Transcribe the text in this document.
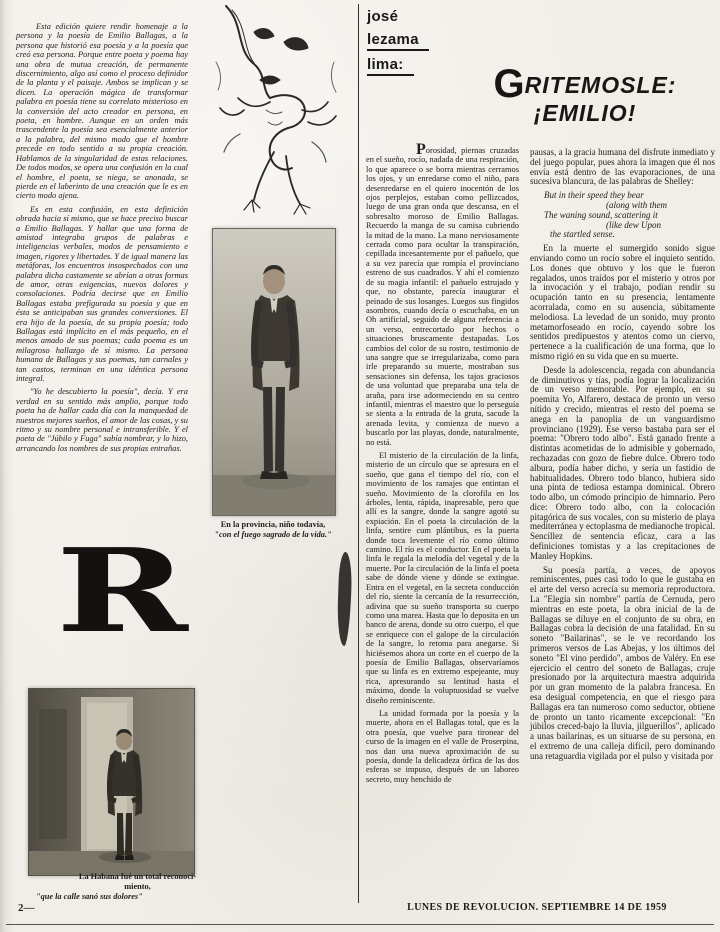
Esta edición quiere rendir homenaje a la persona y la poesía de Emilio Ballagas, a la persona que historió esa poesía y a la poesía que creó esa persona. Porque entre poeta y poema hay una obra de mutua creación, de permanente discernimiento, algo así como el proceso definidor de la planta y el paisaje. Ambos se implican y se dicen. La operación mágica de transformar palabra en poesía tiene su correlato misterioso en la conversión del acto creador en persona, en poeta, en hombre. Aunque en un orden más trascendente la poesía sea esencialmente anterior a la palabra, del mismo modo que el hombre precede en todo sentido a su propia creación. Hablamos de la singularidad de estas relaciones. De todos modos, se opera una confusión en la cual el hombre, el poeta, se niega, se anonada, se pierde en el laberinto de una creación que le es en cierto modo ajena.

Es en esta confusión, en esta definición obrada hacia sí mismo, que se hace preciso buscar a Emilio Ballagas. Y hallar que una forma de amistad integraba grupos de palabras e inteligencias verbales, modos de pensamiento e imagen, rigores y libertades. Y de igual manera las metáforas, los encuentros insospechados con una palabra dicha castamente se abrían a otras formas de amor, otras exigencias, nuevos dolores y consolaciones. Podría decirse que en Emilio Ballagas estaba prefigurada su poesía y que en ésta se anticipaban sus grandes conversiones. El era hijo de la poesía, de su propia poesía; todo Ballagas está implícito en el más pequeño, en el menos amado de sus poemas; cada poema es un milagroso hallazgo de sí mismo. La persona humana de Ballagas y sus poemas, tan carnales y tan castos, terminan en una idéntica persona integral.

"Yo he descubierto la poesía", decía. Y era verdad en su sentido más amplio, porque todo poeta ha de hallar cada día con la manquedad de nuestros mejores sueños, el amor de las cosas, y su ritmo y su nombre personal e intransferible. Y el poeta de "Júbilo y Fuga" sabía nombrar, y lo hizo, arrancando los nombres de sus propias entrañas.

R	En la provincia, niño todavía,
"con el fuego sagrado de la vida."
josé
lezama
lima:	GRITEMOSLE:
¡EMILIO!

Porosidad, piernas cruzadas en el sueño, rocío, nadada de una respiración, lo que aparece o se borra mientras cerramos los ojos, y un enredarse como el niño, para desenredarse en el quiero inocentón de los ojos perplejos, estaban como pellizcados, luego de una gran onda que descansa, en el sobresalto moroso de Emilio Ballagas. Recuerdo la manga de su camisa cubriendo la mitad de la mano. La mano nerviosamente cerrada como para ocultar la transpiración, cepillada incesantemente por el pañuelo, que a su vez parecía que rompía el provinciano estreno de sus cuadrados. Y ahí el comienzo de su magia infantil: el pañuelo estrujado y que, no obstante, parecía inaugurar el peinado de sus losanges. Luegos sus fingidos asombros, cuando decía o escuchaba, en un Oh artificial, seguido de alguna referencia a un verso, entrecortado por hechos o situaciones bruscamente destapadas. Los cambios del color de su rostro, testimonio de una sangre que se irregularizaba, como para irle preparando su muerte, mostraban sus sensaciones sin defensa, los tajos graciosos de una voluntad que preparaba una tela de araña, para irse adormeciendo en su centro infantil, mientras el maestro que lo perseguía se sienta a la entrada de la gruta, sacude la arenada levita, y comienza de nuevo a buscarlo por las playas, donde, naturalmente, no está.

El misterio de la circulación de la linfa, misterio de un círculo que se apresura en el sueño, que gana el tiempo del río, con el movimiento de los ramajes que entintan el sueño. Movimiento de la clorofila en los árboles, lenta, rápida, inapresable, pero que allí es la sangre, donde la sangre agotó su expiación. En el poeta la circulación de la linfa, sentire cum plántibus, es la puerta donde toca levemente el río como último camino. El río es el conductor. En el poeta la linfa le regala la melodía del vegetal y de la muerte. Por la circulación de la linfa el poeta sabe de dónde viene y dónde se extingue. Entra en el vegetal, en la secreta conducción del río, siente la cercanía de la resurrección, adivina que su sueño transporta su cuerpo como una marea. Hasta que lo deposita en un banco de arena, donde su otro cuerpo, el que se enriquece con el galope de la circulación de la sangre, lo retoma para anegarse. Si hiciésemos ahora un corte en el cuerpo de la poesía de Emilio Ballagas, observaríamos que su linfa es en extremo espejeante, muy rica, apresurando su lentitud hasta el máximo, donde la voluptuosidad se vuelve diseño reminiscente.

La unidad formada por la poesía y la muerte, ahora en el Ballagas total, que es la otra poesía, que vuelve para tironear del curso de la imagen en el valle de Proserpina, nos dan una nueva aproximación de su poesía, donde la delicadeza órfica de las dos esferas se impuso, después de un laboreo secreto, muy henchido de

pausas, a la gracia humana del disfrute inmediato y del juego popular, pues ahora la imagen que él nos envía está dentro de las evaporaciones, de una sucesiva blancura, de las palabras de Shelley:

But in their speed they bear
(along with them
The waning sound, scattering it
(like dew Upon
the startled sense.

En la muerte el sumergido sonido sigue enviando como un rocío sobre el inquieto sentido. Los dones que obtuvo y los que le fueron regalados, unos traídos por el misterio y otros por la invocación y el trabajo, podían rendir su ocupación tanto en su presencia, lentamente acorralada, como en su ausencia, súbitamente melodiosa. La levedad de un sonido, muy pronto metamorfoseado en rocío, cayendo sobre los sentidos predipuestos y atentos como un ciervo, pertenece a la cualificación de una forma, que lo mismo rigió en su vida que en su muerte.

Desde la adolescencia, regada con abundancia de diminutivos y tías, podía lograr la localización de un verso memorable. Por ejemplo, en su poemita Yo, Alfarero, destaca de pronto un verso nítido y crecido, mientras el resto del poema se anega en la panoplia de un vanguardismo provinciano (1929). Ese verso bastaba para ser el poema: "Obrero todo albo". Está ganado frente a distintas acometidas de lo admisible y gobernado, rechazadas con gozo de fiebre dulce. Obrero todo albura, podía haber dicho, y sería un fastidio de habitualidades. Obrero todo blanco, hubiera sido una pinta de tediosa estampa dominical. Obrero todo albo, un cómodo principio de himnario. Pero dice: Obrero todo albo, con la colocación pitagórica de sus vocales, con su misterio de playa mediterránea y ectoplasma de medianoche tropical. Sencillez de sentencia eficaz, cara a las definiciones tomistas y a las crepitaciones de Manley Hopkins.

Su poesía partía, a veces, de apoyos reminiscentes, pues casi todo lo que le gustaba en el arte del verso acrecía su memoria reproductora. La "Elegía sin nombre" partía de Cernuda, pero mientras en este poeta, la obra inicial de la de Ballagas se diluye en el conjunto de su obra, en Ballagas cobra la decisión de una fatalidad. En su soneto "Bailarinas", se le ve recordando los primeros versos de Las Abejas, y los últimos del soneto "El vino perdido", ambos de Valéry. En ese ejercicio el centro del soneto de Ballagas, cruje presionado por la arquitectura maestra adquirida por un gran momento de la palabra francesa. En esa desigual competencia, en que el riesgo para Ballagas era tan numeroso como seductor, obtiene de pronto un tanto ricamente excepcional: "En júbilos creced-bajo la lluvia, jilguerillos", aplicado a unas bailarinas, es un situarse de su persona, en el extremo de una calleja difícil, pero dominando una retaguardia vigilada por el pulso y visitada por

La Habana fué un total reconoci-
miento,
"que la calle sanó sus dolores"
2—	LUNES DE REVOLUCION. SEPTIEMBRE 14 DE 1959
